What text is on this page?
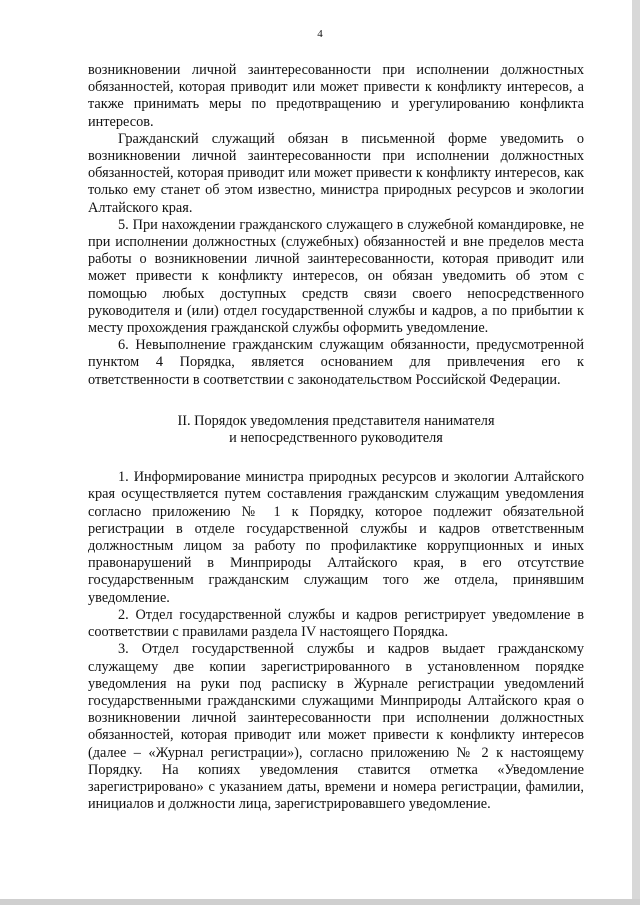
4

возникновении личной заинтересованности при исполнении должностных обязанностей, которая приводит или может привести к конфликту интересов, а также принимать меры по предотвращению и урегулированию конфликта интересов.

Гражданский служащий обязан в письменной форме уведомить о возникновении личной заинтересованности при исполнении должностных обязанностей, которая приводит или может привести к конфликту интересов, как только ему станет об этом известно, министра природных ресурсов и экологии Алтайского края.

5. При нахождении гражданского служащего в служебной командировке, не при исполнении должностных (служебных) обязанностей и вне пределов места работы о возникновении личной заинтересованности, которая приводит или может привести к конфликту интересов, он обязан уведомить об этом с помощью любых доступных средств связи своего непосредственного руководителя и (или) отдел государственной службы и кадров, а по прибытии к месту прохождения гражданской службы оформить уведомление.

6. Невыполнение гражданским служащим обязанности, предусмотренной пунктом 4 Порядка, является основанием для привлечения его к ответственности в соответствии с законодательством Российской Федерации.

II. Порядок уведомления представителя нанимателя
и непосредственного руководителя

1. Информирование министра природных ресурсов и экологии Алтайского края осуществляется путем составления гражданским служащим уведомления согласно приложению № 1 к Порядку, которое подлежит обязательной регистрации в отделе государственной службы и кадров ответственным должностным лицом за работу по профилактике коррупционных и иных правонарушений в Минприроды Алтайского края, в его отсутствие государственным гражданским служащим того же отдела, принявшим уведомление.

2. Отдел государственной службы и кадров регистрирует уведомление в соответствии с правилами раздела IV настоящего Порядка.

3. Отдел государственной службы и кадров выдает гражданскому служащему две копии зарегистрированного в установленном порядке уведомления на руки под расписку в Журнале регистрации уведомлений государственными гражданскими служащими Минприроды Алтайского края о возникновении личной заинтересованности при исполнении должностных обязанностей, которая приводит или может привести к конфликту интересов (далее – «Журнал регистрации»), согласно приложению № 2 к настоящему Порядку. На копиях уведомления ставится отметка «Уведомление зарегистрировано» с указанием даты, времени и номера регистрации, фамилии, инициалов и должности лица, зарегистрировавшего уведомление.
